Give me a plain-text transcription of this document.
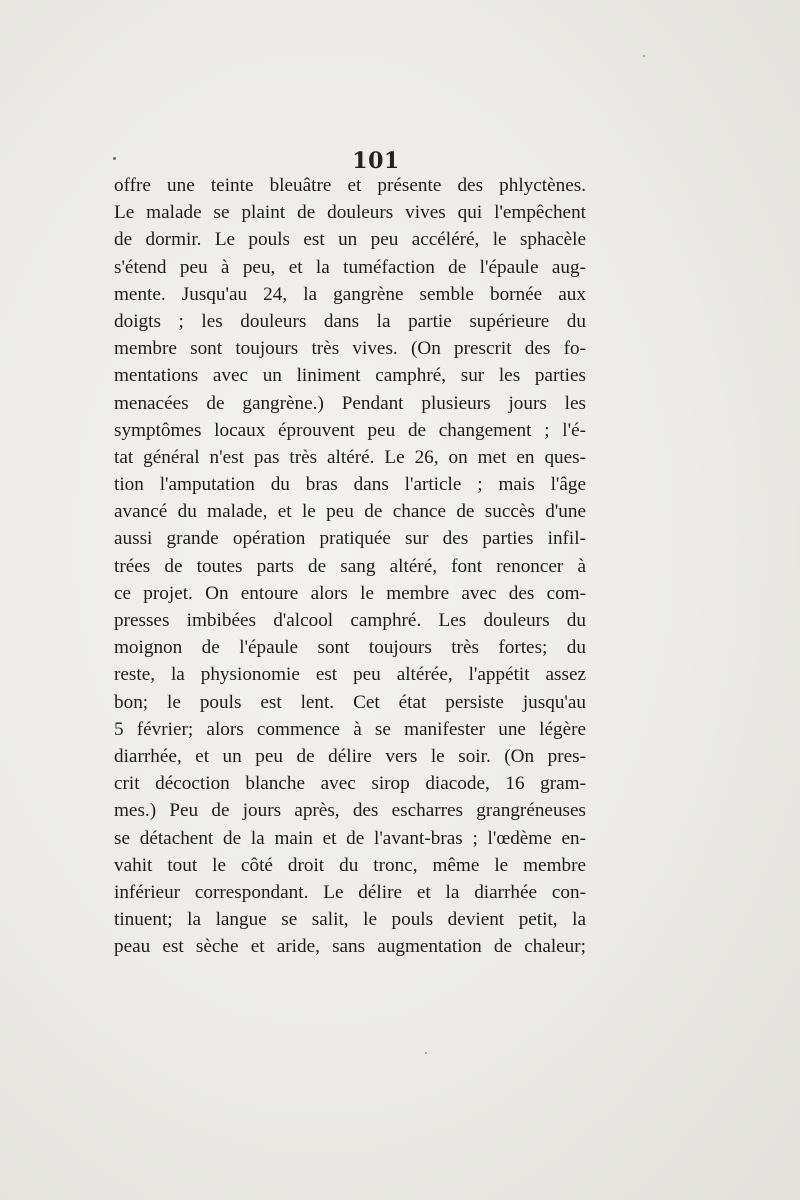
101
offre une teinte bleuâtre et présente des phlyctènes.
Le malade se plaint de douleurs vives qui l'empêchent
de dormir. Le pouls est un peu accéléré, le sphacèle
s'étend peu à peu, et la tuméfaction de l'épaule aug-
mente. Jusqu'au 24, la gangrène semble bornée aux
doigts ; les douleurs dans la partie supérieure du
membre sont toujours très vives. (On prescrit des fo-
mentations avec un liniment camphré, sur les parties
menacées de gangrène.) Pendant plusieurs jours les
symptômes locaux éprouvent peu de changement ; l'é-
tat général n'est pas très altéré. Le 26, on met en ques-
tion l'amputation du bras dans l'article ; mais l'âge
avancé du malade, et le peu de chance de succès d'une
aussi grande opération pratiquée sur des parties infil-
trées de toutes parts de sang altéré, font renoncer à
ce projet. On entoure alors le membre avec des com-
presses imbibées d'alcool camphré. Les douleurs du
moignon de l'épaule sont toujours très fortes; du
reste, la physionomie est peu altérée, l'appétit assez
bon; le pouls est lent. Cet état persiste jusqu'au
5 février; alors commence à se manifester une légère
diarrhée, et un peu de délire vers le soir. (On pres-
crit décoction blanche avec sirop diacode, 16 gram-
mes.) Peu de jours après, des escharres grangréneuses
se détachent de la main et de l'avant-bras ; l'œdème en-
vahit tout le côté droit du tronc, même le membre
inférieur correspondant. Le délire et la diarrhée con-
tinuent; la langue se salit, le pouls devient petit, la
peau est sèche et aride, sans augmentation de chaleur;
